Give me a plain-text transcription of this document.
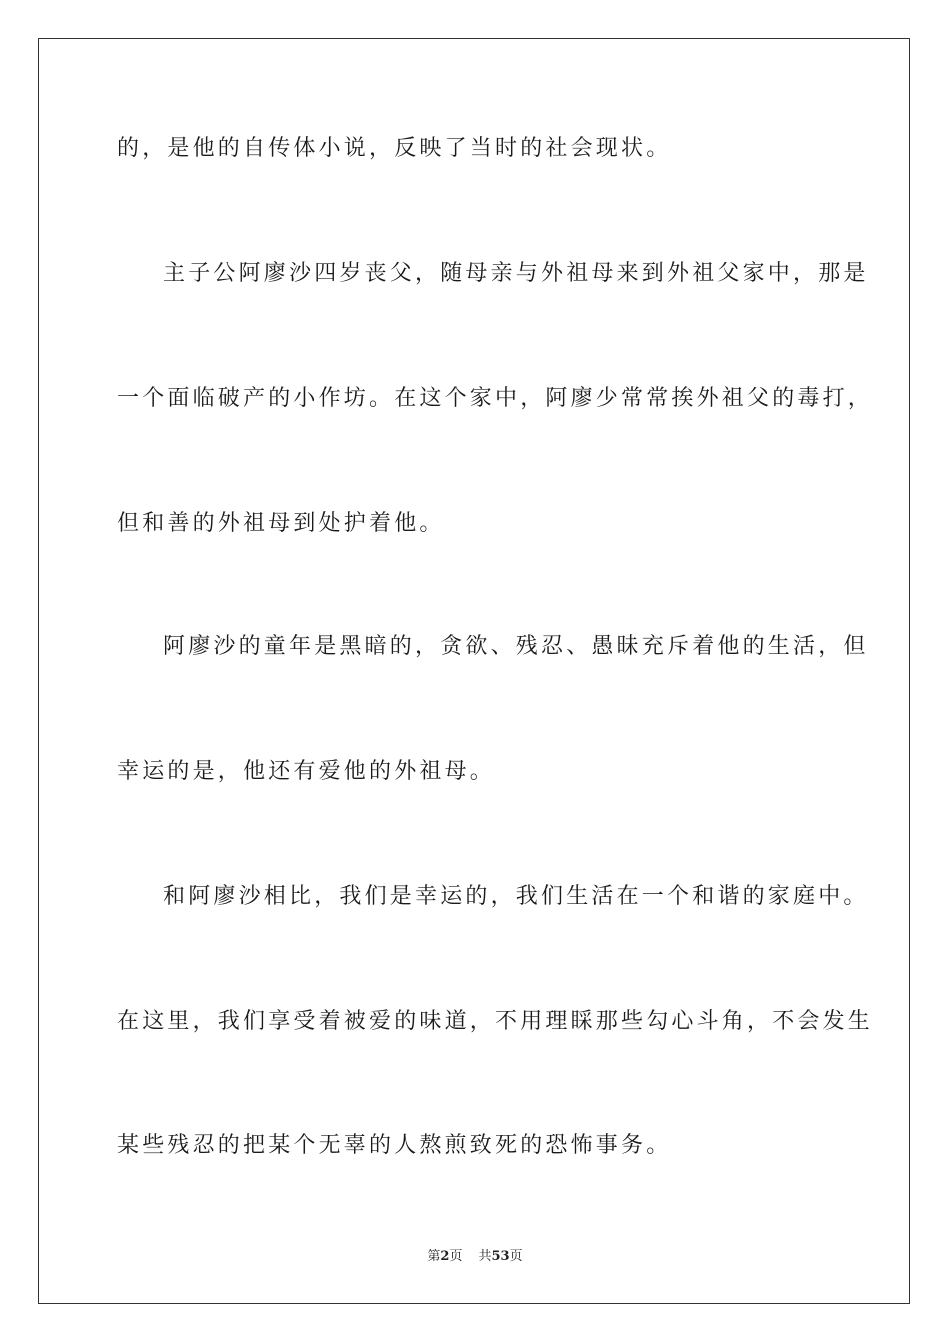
的，是他的自传体小说，反映了当时的社会现状。
主子公阿廖沙四岁丧父，随母亲与外祖母来到外祖父家中，那是
一个面临破产的小作坊。在这个家中，阿廖少常常挨外祖父的毒打，
但和善的外祖母到处护着他。
阿廖沙的童年是黑暗的，贪欲、残忍、愚昧充斥着他的生活，但
幸运的是，他还有爱他的外祖母。
和阿廖沙相比，我们是幸运的，我们生活在一个和谐的家庭中。
在这里，我们享受着被爱的味道，不用理睬那些勾心斗角，不会发生
某些残忍的把某个无辜的人熬煎致死的恐怖事务。
第2页 共53页
